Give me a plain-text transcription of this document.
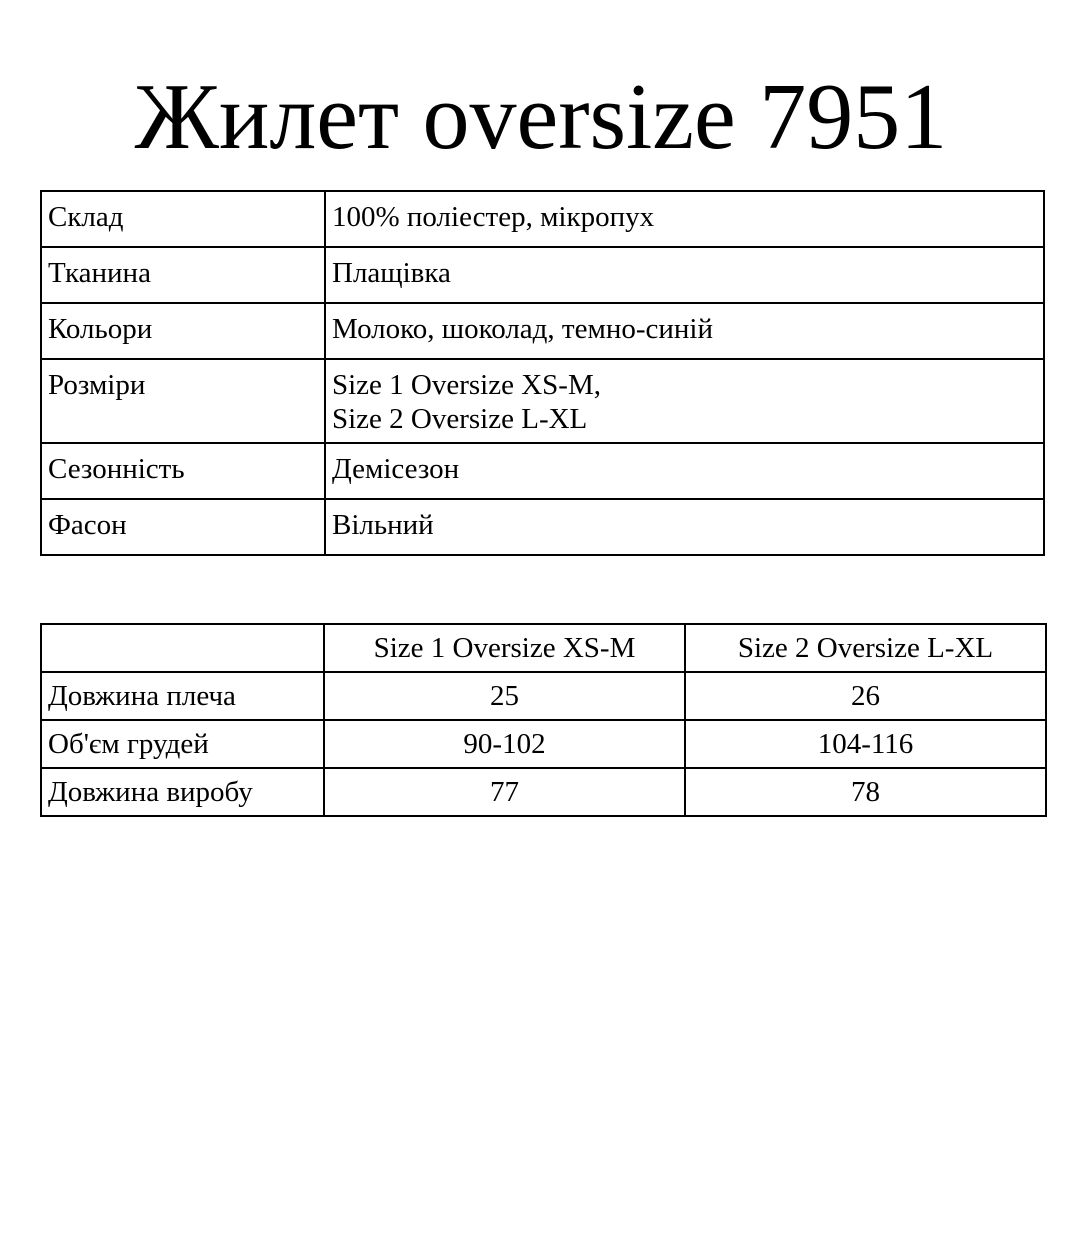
Жилет oversize 7951
Склад	100% поліестер, мікропух
Тканина	Плащівка
Кольори	Молоко, шоколад, темно-синій
Розміри	Size 1 Oversize XS-M,
Size 2 Oversize L-XL

Сезонність	Демісезон
Фасон	Вільний
	Size 1 Oversize XS-M	Size 2 Oversize L-XL
Довжина плеча	25	26
Об'єм грудей	90-102	104-116
Довжина виробу	77	78
